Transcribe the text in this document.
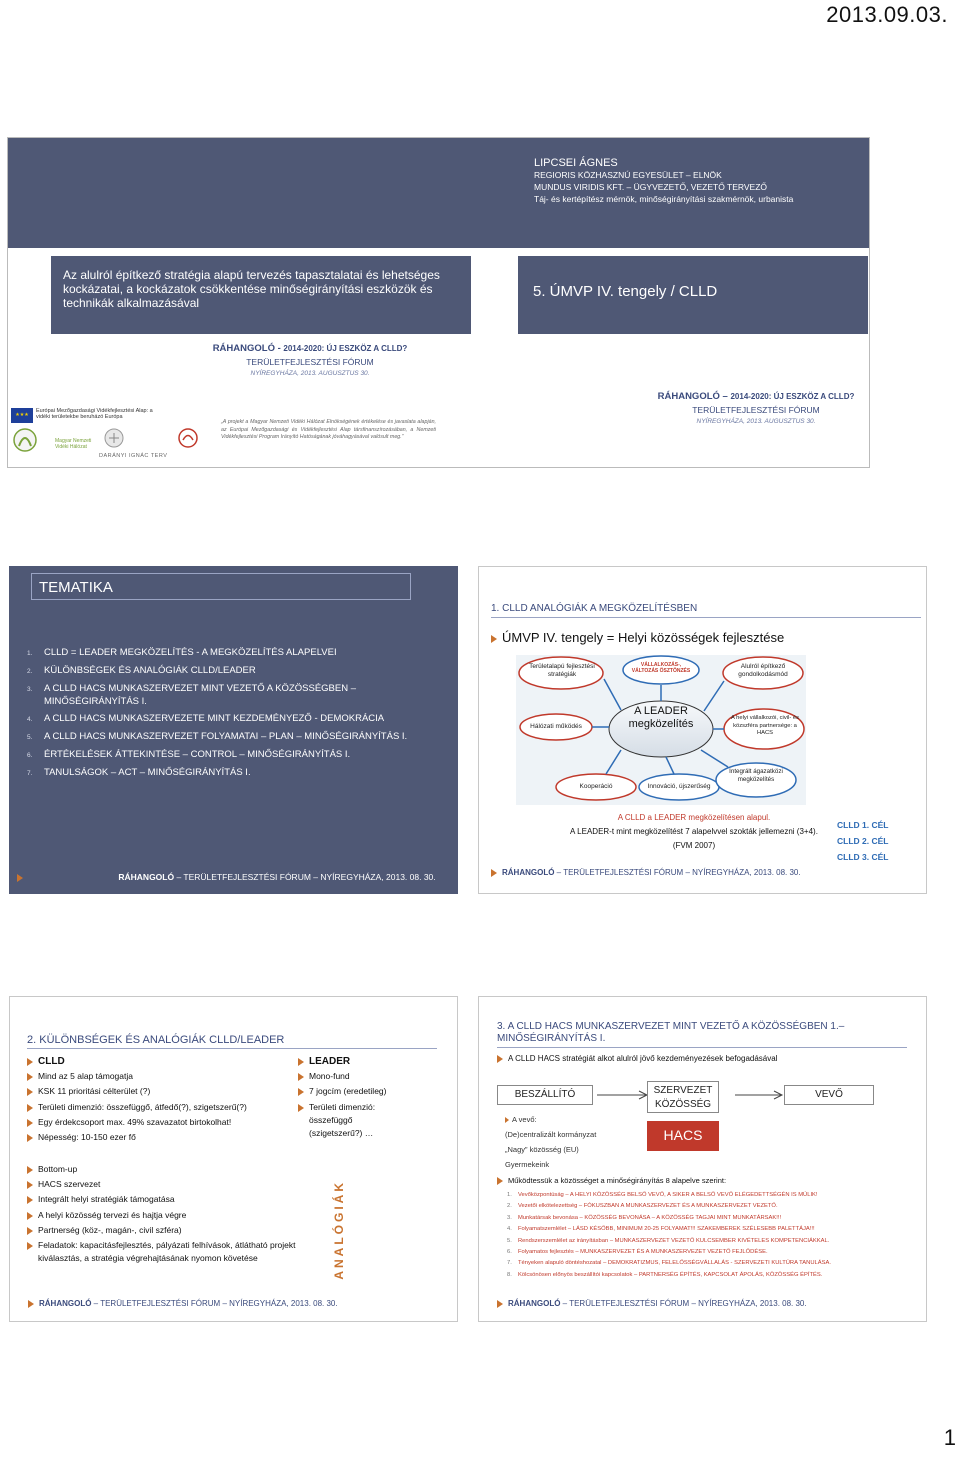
2013.09.03.
LIPCSEI ÁGNES
REGIORIS KÖZHASZNÚ EGYESÜLET – ELNÖK
MUNDUS VIRIDIS KFT. – ÜGYVEZETŐ, VEZETŐ TERVEZŐ
Táj- és kertépítész mérnök, minőségirányítási szakmérnök, urbanista
Az alulról építkező stratégia alapú tervezés tapasztalatai és lehetséges kockázatai, a kockázatok csökkentése minőségirányítási eszközök és technikák alkalmazásával
5. ÚMVP IV. tengely / CLLD
RÁHANGOLÓ - 2014-2020: ÚJ ESZKÖZ A CLLD?
TERÜLETFEJLESZTÉSI FÓRUM
NYÍREGYHÁZA, 2013. AUGUSZTUS 30.
RÁHANGOLÓ – 2014-2020: ÚJ ESZKÖZ A CLLD?
TERÜLETFEJLESZTÉSI FÓRUM
NYÍREGYHÁZA, 2013. AUGUSZTUS 30.
★★★
Európai Mezőgazdasági Vidékfejlesztési Alap: a vidéki területekbe beruházó Európa
Magyar Nemzeti Vidéki Hálózat
DARÁNYI IGNÁC TERV
„A projekt a Magyar Nemzeti Vidéki Hálózat Elnökségének értékelése és javaslata alapján, az Európai Mezőgazdasági és Vidékfejlesztési Alap társfinanszírozásában, a Nemzeti Vidékfejlesztési Program Irányító Hatóságának jóváhagyásával valósult meg.”
TEMATIKA
1.	CLLD = LEADER MEGKÖZELÍTÉS - A MEGKÖZELÍTÉS ALAPELVEI
2.	KÜLÖNBSÉGEK ÉS ANALÓGIÁK CLLD/LEADER
3.	A CLLD HACS MUNKASZERVEZET MINT VEZETŐ A KÖZÖSSÉGBEN – MINŐSÉGIRÁNYÍTÁS I.
4.	A CLLD HACS MUNKASZERVEZETE MINT KEZDEMÉNYEZŐ - DEMOKRÁCIA
5.	A CLLD HACS MUNKASZERVEZET FOLYAMATAI – PLAN – MINŐSÉGIRÁNYÍTÁS I.
6.	ÉRTÉKELÉSEK ÁTTEKINTÉSE – CONTROL – MINŐSÉGIRÁNYÍTÁS I.
7.	TANULSÁGOK – ACT – MINŐSÉGIRÁNYÍTÁS I.
RÁHANGOLÓ – TERÜLETFEJLESZTÉSI FÓRUM – NYÍREGYHÁZA, 2013. 08. 30.
1. CLLD ANALÓGIÁK A MEGKÖZELÍTÉSBEN
ÚMVP IV. tengely = Helyi közösségek fejlesztése
A LEADER megközelítés
Területalapú fejlesztési stratégiák
VÁLLALKOZÁS-, VÁLTOZÁS ÖSZTÖNZÉS
Alulról építkező gondolkodásmód
Hálózati működés
A helyi vállalkozói, civil- és közszféra partnersége: a HACS
Kooperáció	Innováció, újszerűség
Integrált ágazatközi megközelítés
A CLLD a LEADER megközelítésen alapul.
A LEADER-t mint megközelítést 7 alapelvvel szokták jellemezni (3+4).
(FVM 2007)
CLLD 1. CÉL
CLLD 2. CÉL
CLLD 3. CÉL
RÁHANGOLÓ – TERÜLETFEJLESZTÉSI FÓRUM – NYÍREGYHÁZA, 2013. 08. 30.
2. KÜLÖNBSÉGEK ÉS ANALÓGIÁK CLLD/LEADER
CLLD
Mind az 5 alap támogatja
KSK 11 prioritási célterület (?)
Területi dimenzió: összefüggő, átfedő(?), szigetszerű(?)
Egy érdekcsoport max. 49% szavazatot birtokolhat!
Népesség: 10-150 ezer fő
LEADER
Mono-fund
7 jogcím (eredetileg)
Területi dimenzió: összefüggő (szigetszerű?) …
Bottom-up
HACS szervezet
Integrált helyi stratégiák támogatása
A helyi közösség tervezi és hajtja végre
Partnerség (köz-, magán-, civil szféra)
Feladatok: kapacitásfejlesztés, pályázati felhívások, átlátható projekt kiválasztás, a stratégia végrehajtásának nyomon követése	ANALÓGIÁK
RÁHANGOLÓ – TERÜLETFEJLESZTÉSI FÓRUM – NYÍREGYHÁZA, 2013. 08. 30.
3. A CLLD HACS MUNKASZERVEZET MINT VEZETŐ A KÖZÖSSÉGBEN 1.– MINŐSÉGIRÁNYÍTÁS I.
A CLLD HACS stratégiát alkot alulról jövő kezdeményezések befogadásával
BESZÁLLÍTÓ	SZERVEZET KÖZÖSSÉG
VEVŐ
HACS
A vevő:
(De)centralizált kormányzat
„Nagy” közösség (EU)
Gyermekeink
Működtessük a közösséget a minőségirányítás 8 alapelve szerint:
1.	Vevőközpontúság – A HELYI KÖZÖSSÉG BELSŐ VEVŐ, A SIKER A BELSŐ VEVŐ ELÉGEDETTSÉGÉN IS MÚLIK!
2.	Vezetői elkötelezettség – FÓKUSZBAN A MUNKASZERVEZET ÉS A MUNKASZERVEZET VEZETŐ.
3.	Munkatársak bevonása – KÖZÖSSÉG BEVONÁSA – A KÖZÖSSÉG TAGJAI MINT MUNKATÁRSAK!!!
4.	Folyamatszemlélet – LÁSD KÉSŐBB, MINIMUM 20-25 FOLYAMAT!!! SZAKEMBEREK SZÉLESEBB PALETTÁJA!!!
5.	Rendszerszemlélet az irányításban – MUNKASZERVEZET VEZETŐ KULCSEMBER KIVÉTELES KOMPETENCIÁKKAL.
6.	Folyamatos fejlesztés – MUNKASZERVEZET ÉS A MUNKASZERVEZET VEZETŐ FEJLŐDÉSE.
7.	Tényeken alapuló döntéshozatal – DEMOKRATIZMUS, FELELŐSSÉGVÁLLALÁS - SZERVEZETI KULTÚRA TANULÁSA.
8.	Kölcsönösen előnyös beszállítói kapcsolatok – PARTNERSÉG ÉPÍTÉS, KAPCSOLAT ÁPOLÁS, KÖZÖSSÉG ÉPÍTÉS.
RÁHANGOLÓ – TERÜLETFEJLESZTÉSI FÓRUM – NYÍREGYHÁZA, 2013. 08. 30.
1
